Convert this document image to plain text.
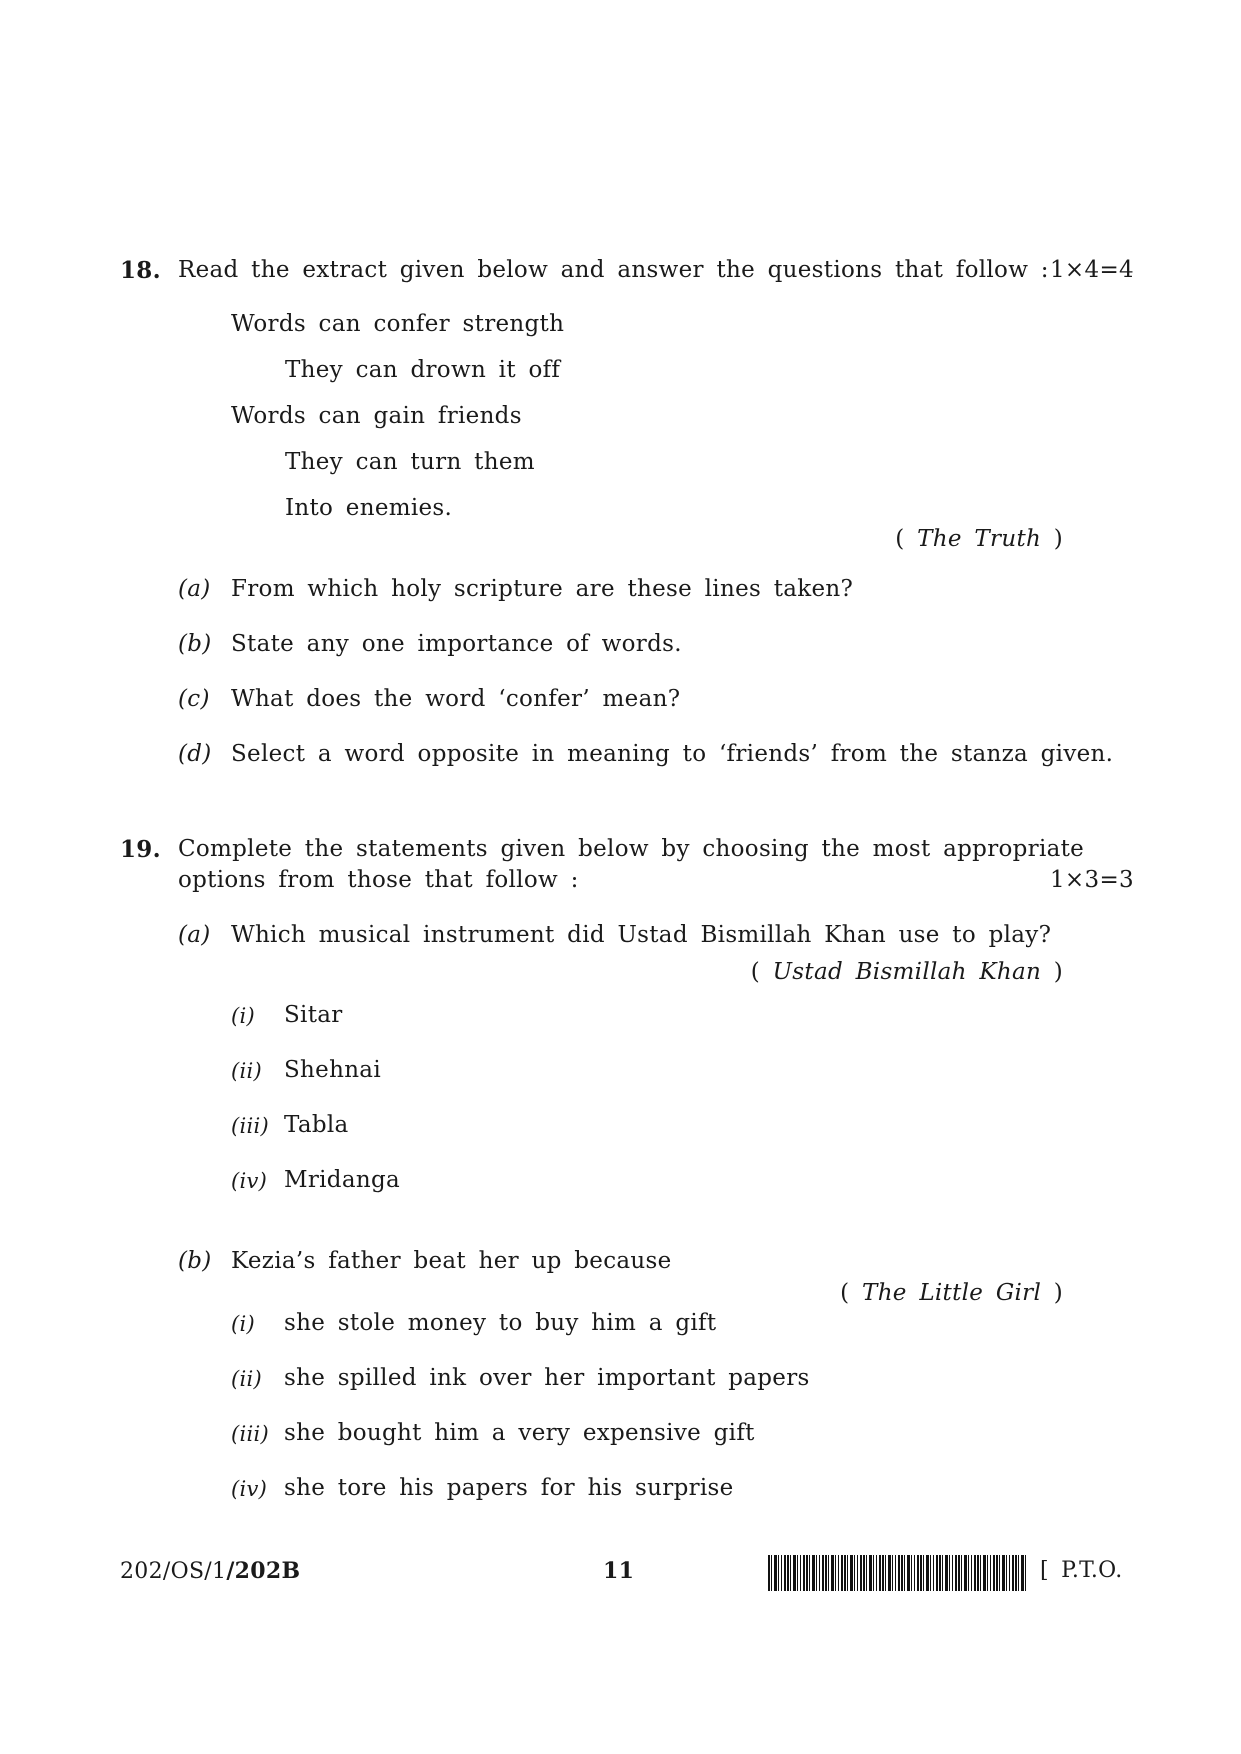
18. Read the extract given below and answer the questions that follow : 1×4=4
Words can confer strength
They can drown it off
Words can gain friends
They can turn them
Into enemies.
( The Truth )
(a) From which holy scripture are these lines taken?
(b) State any one importance of words.
(c) What does the word ‘confer’ mean?
(d) Select a word opposite in meaning to ‘friends’ from the stanza given.
19. Complete the statements given below by choosing the most appropriate
options from those that follow :	1×3=3
(a) Which musical instrument did Ustad Bismillah Khan use to play?
( Ustad Bismillah Khan )
(i) Sitar
(ii) Shehnai
(iii) Tabla
(iv) Mridanga
(b) Kezia’s father beat her up because
( The Little Girl )
(i) she stole money to buy him a gift
(ii) she spilled ink over her important papers
(iii) she bought him a very expensive gift
(iv) she tore his papers for his surprise
202/OS/1/202B	11	[ P.T.O.
